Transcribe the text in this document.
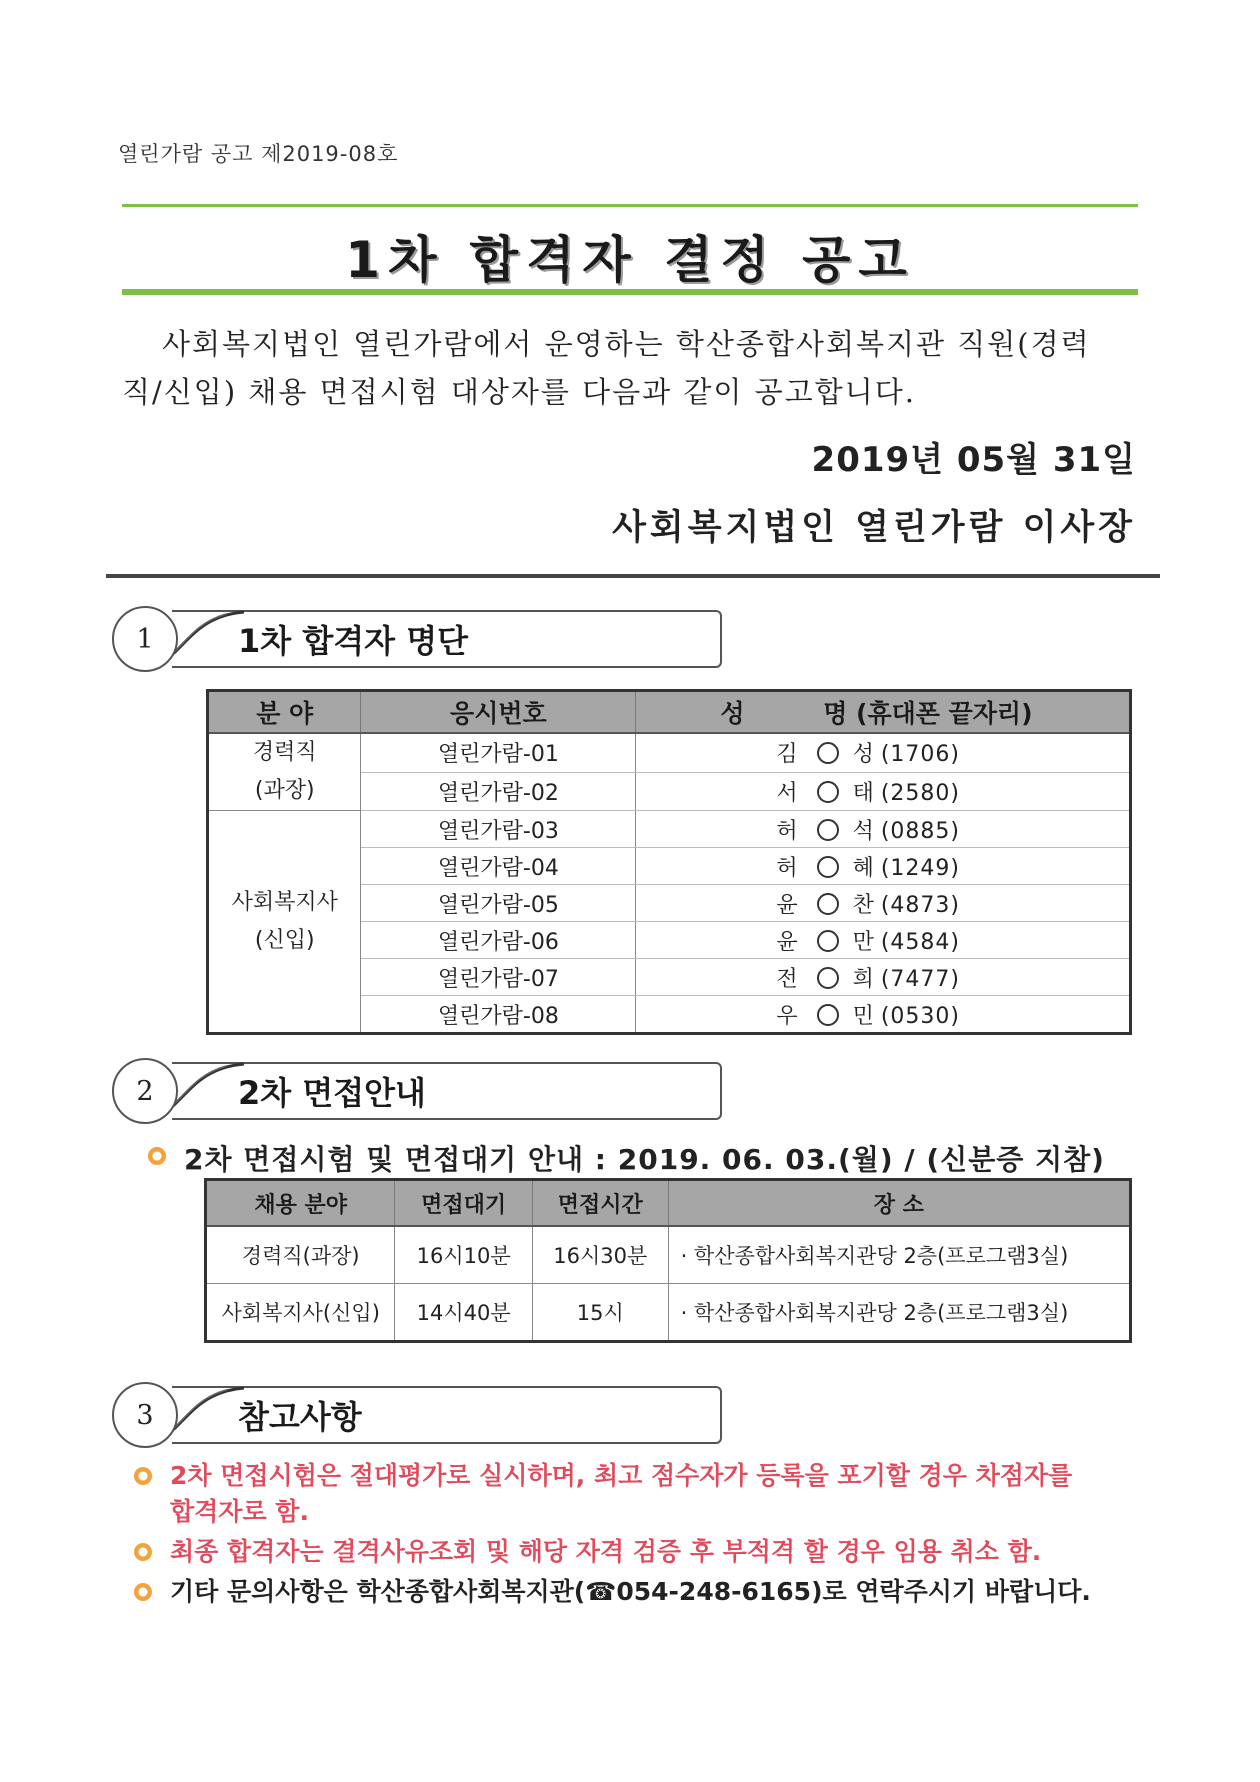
열린가람 공고 제2019-08호
1차 합격자 결정 공고
사회복지법인 열린가람에서 운영하는 학산종합사회복지관 직원(경력
직/신입) 채용 면접시험 대상자를 다음과 같이 공고합니다.
2019년 05월 31일
사회복지법인 열린가람 이사장
1	1차 합격자 명단
분 야	응시번호	성 명 (휴대폰 끝자리)
경력직
(과장)	열린가람-01	김 성 (1706)
	열린가람-02	서 태 (2580)
사회복지사
(신입)	열린가람-03	허 석 (0885)
	열린가람-04	허 혜 (1249)
	열린가람-05	윤 찬 (4873)
	열린가람-06	윤 만 (4584)
	열린가람-07	전 희 (7477)
	열린가람-08	우 민 (0530)
2	2차 면접안내
2차 면접시험 및 면접대기 안내 : 2019. 06. 03.(월) / (신분증 지참)
채용 분야	면접대기	면접시간	장 소
경력직(과장)	16시10분	16시30분	· 학산종합사회복지관당 2층(프로그램3실)
사회복지사(신입)	14시40분	15시	· 학산종합사회복지관당 2층(프로그램3실)
3	참고사항
2차 면접시험은 절대평가로 실시하며, 최고 점수자가 등록을 포기할 경우 차점자를
합격자로 함.
최종 합격자는 결격사유조회 및 해당 자격 검증 후 부적격 할 경우 임용 취소 함.
기타 문의사항은 학산종합사회복지관(☎054-248-6165)로 연락주시기 바랍니다.
